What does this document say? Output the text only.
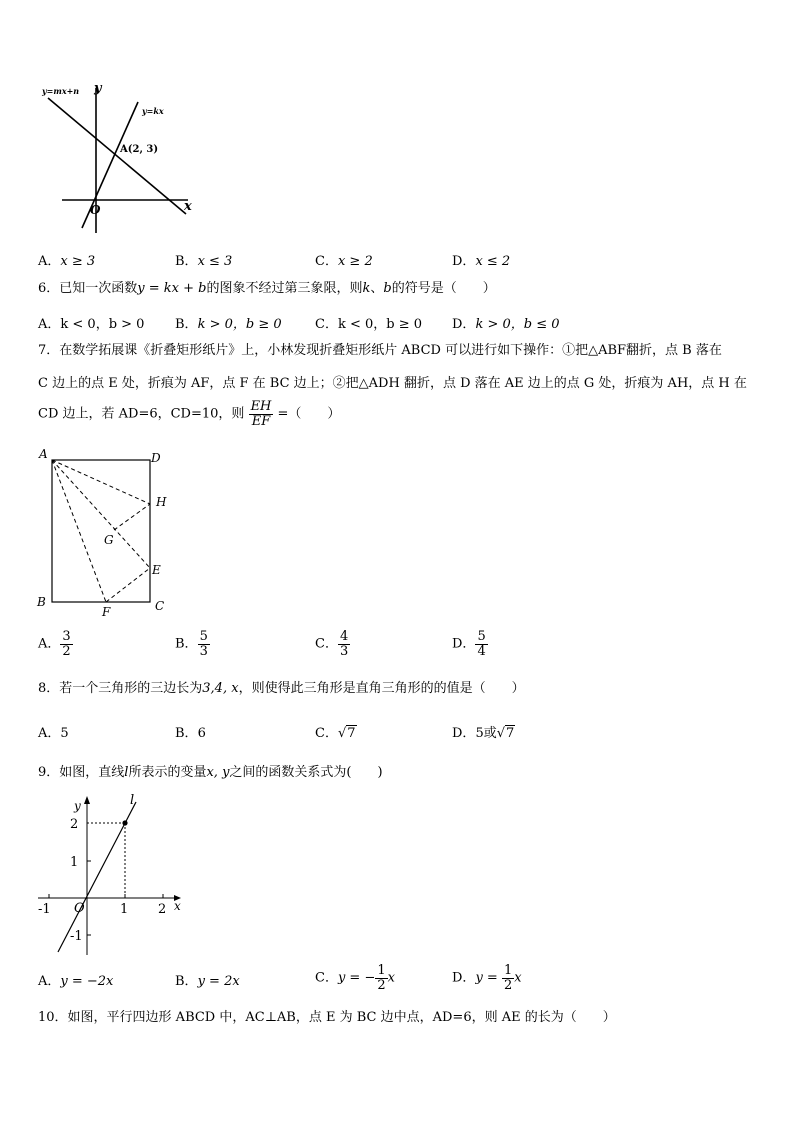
y=mx+n
y=kx
y
x
O
A(2, 3)
A．x ≥ 3	B．x ≤ 3	C．x ≥ 2	D．x ≤ 2
6．已知一次函数y = kx + b的图象不经过第三象限，则k、b的符号是（　　）
A．k < 0，b > 0 B．k > 0，b ≥ 0	C．k < 0，b ≥ 0 D．k > 0，b ≤ 0
7．在数学拓展课《折叠矩形纸片》上，小林发现折叠矩形纸片 ABCD 可以进行如下操作：①把△ABF翻折，点 B 落在
C 边上的点 E 处，折痕为 AF，点 F 在 BC 边上；②把△ADH 翻折，点 D 落在 AE 边上的点 G 处，折痕为 AH，点 H 在
CD 边上，若 AD=6，CD=10，则 $\frac{EH}{EF}$ =（　　）
A	D
H
G
E
B
F	C
A． $\frac{3}{2}$	B． $\frac{5}{3}$	C． $\frac{4}{3}$	D． $\frac{5}{4}$
8．若一个三角形的三边长为3,4, x，则使得此三角形是直角三角形的的值是（　　）
A．5	B．6	C．√7	D．5或√7
9．如图，直线l所表示的变量x, y之间的函数关系式为(　　)
y	l
x
O
-1	1 2
2
1
-1
A．y = −2x	B．y = 2x	C．y = − $\frac{1}{2}$ x	D．$y = \frac{1}{2}$ x
10．如图，平行四边形 ABCD 中，AC⊥AB，点 E 为 BC 边中点，AD=6，则 AE 的长为（　　）
